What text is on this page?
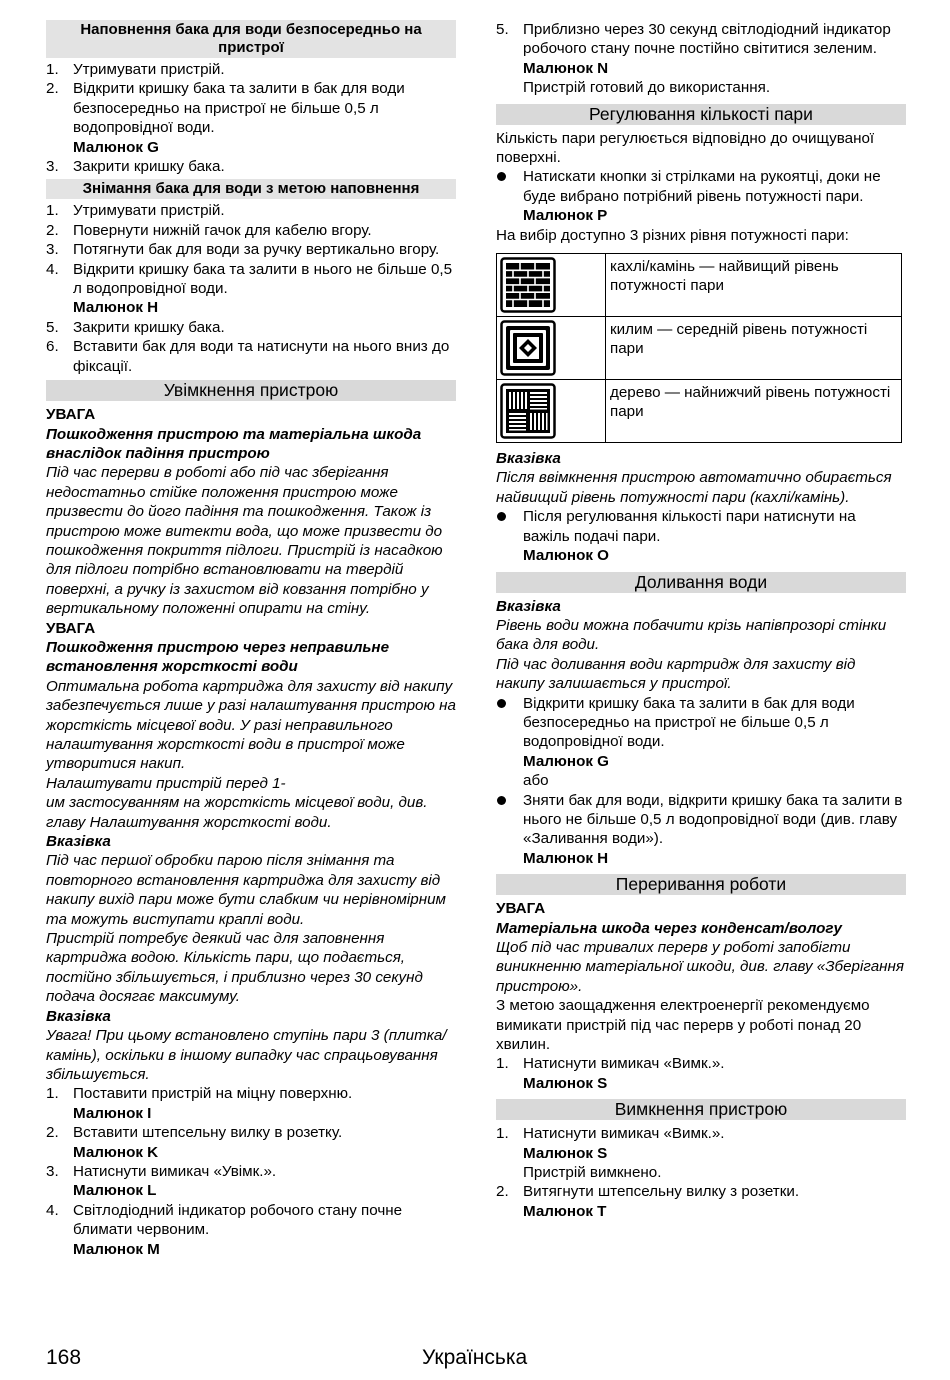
Наповнення бака для води безпосередньо на пристрої
1. Утримувати пристрій.
2. Відкрити кришку бака та залити в бак для води безпосередньо на пристрої не більше 0,5 л водопровідної води.
Малюнок G
3. Закрити кришку бака.
Знімання бака для води з метою наповнення
1. Утримувати пристрій.
2. Повернути нижній гачок для кабелю вгору.
3. Потягнути бак для води за ручку вертикально вгору.
4. Відкрити кришку бака та залити в нього не більше 0,5 л водопровідної води.
Малюнок H
5. Закрити кришку бака.
6. Вставити бак для води та натиснути на нього вниз до фіксації.
Увімкнення пристрою

УВАГА

Пошкодження пристрою та матеріальна шкода внаслідок падіння пристрою

Під час перерви в роботі або під час зберігання недостатньо стійке положення пристрою може призвести до його падіння та пошкодження. Також із пристрою може витекти вода, що може призвести до пошкодження покриття підлоги. Пристрій із насадкою для підлоги потрібно встановлювати на твердій поверхні, а ручку із захистом від ковзання потрібно у вертикальному положенні опирати на стіну.

УВАГА

Пошкодження пристрою через неправильне встановлення жорсткості води

Оптимальна робота картриджа для захисту від накипу забезпечується лише у разі налаштування пристрою на жорсткість місцевої води. У разі неправильного налаштування жорсткості води в пристрої може утворитися накип.

Налаштувати пристрій перед 1-
им застосуванням на жорсткість місцевої води, див. главу Налаштування жорсткості води.

Вказівка

Під час першої обробки парою після знімання та повторного встановлення картриджа для захисту від накипу вихід пари може бути слабким чи нерівномірним та можуть виступати краплі води.

Пристрій потребує деякий час для заповнення картриджа водою. Кількість пари, що подається, постійно збільшується, і приблизно через 30 секунд подача досягає максимуму.

Вказівка

Увага! При цьому встановлено ступінь пари 3 (плитка/камінь), оскільки в іншому випадку час спрацьовування збільшується.

1. Поставити пристрій на міцну поверхню.
Малюнок I
2. Вставити штепсельну вилку в розетку.
Малюнок K
3. Натиснути вимикач «Увімк.».
Малюнок L
4. Світлодіодний індикатор робочого стану почне блимати червоним.
Малюнок M
5. Приблизно через 30 секунд світлодіодний індикатор робочого стану почне постійно світитися зеленим.
Малюнок N
Пристрій готовий до використання.
Регулювання кількості пари

Кількість пари регулюється відповідно до очищуваної поверхні.

Натискати кнопки зі стрілками на рукоятці, доки не буде вибрано потрібний рівень потужності пари.
Малюнок P

На вибір доступно 3 різних рівня потужності пари:

	кахлі/камінь — найвищий рівень потужності пари

	килим — середній рівень потужності пари

	дерево — найнижчий рівень потужності пари

Вказівка

Після ввімкнення пристрою автоматично обирається найвищий рівень потужності пари (кахлі/камінь).

Після регулювання кількості пари натиснути на важіль подачі пари.
Малюнок O
Доливання води

Вказівка

Рівень води можна побачити крізь напівпрозорі стінки бака для води.

Під час доливання води картридж для захисту від накипу залишається у пристрої.

Відкрити кришку бака та залити в бак для води безпосередньо на пристрої не більше 0,5 л водопровідної води.
Малюнок G
або
Зняти бак для води, відкрити кришку бака та залити в нього не більше 0,5 л водопровідної води (див. главу «Заливання води»).
Малюнок H
Переривання роботи

УВАГА

Матеріальна шкода через конденсат/вологу

Щоб під час тривалих перерв у роботі запобігти виникненню матеріальної шкоди, див. главу «Зберігання пристрою».

З метою заощадження електроенергії рекомендуємо вимикати пристрій під час перерв у роботі понад 20 хвилин.

1. Натиснути вимикач «Вимк.».
Малюнок S
Вимкнення пристрою
1. Натиснути вимикач «Вимк.».
Малюнок S
Пристрій вимкнено.
2. Витягнути штепсельну вилку з розетки.
Малюнок T
168	Українська
